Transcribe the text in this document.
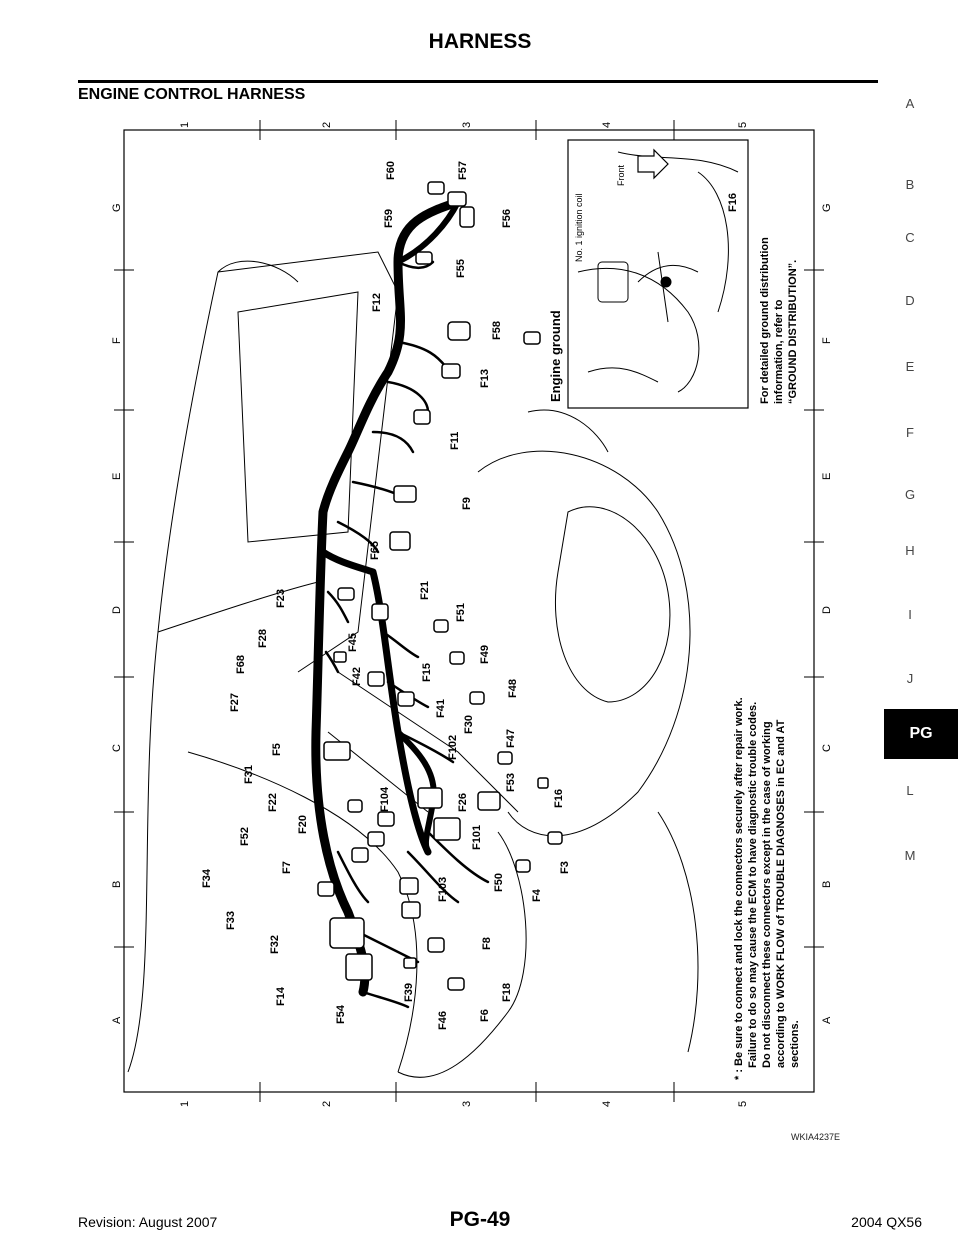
HARNESS
ENGINE CONTROL HARNESS
A
B
C
D
E
F
G
H
I
J
PG
L
M
1	2	3	4	5
1	2	3	4	5
A
B
C
D
E
F
G
A
B
C
D
E
F
G
F60	F57
F59	F56
F55
F12
F58
F13
F11
F9
F65
F23	F21
F28	F45
F51
F68
F42	F15
F49
F27	F41
F48
F30
F5	F102	F47
F31
F104	F26
F53
F22	F16
F20
F101
F52
F3
F7
F50
F34	F103	F4
F33
F8
F32
F14	F39	F18
F54	F46	F6
Engine ground
No. 1 ignition coil
Front
F16
For detailed ground distribution information, refer to “GROUND DISTRIBUTION”.
* : Be sure to connect and lock the connectors securely after repair work. Failure to do so may cause the ECM to have diagnostic trouble codes. Do not disconnect these connectors except in the case of working according to WORK FLOW of TROUBLE DIAGNOSES in EC and AT sections.
WKIA4237E
Revision: August 2007	PG-49	2004 QX56
